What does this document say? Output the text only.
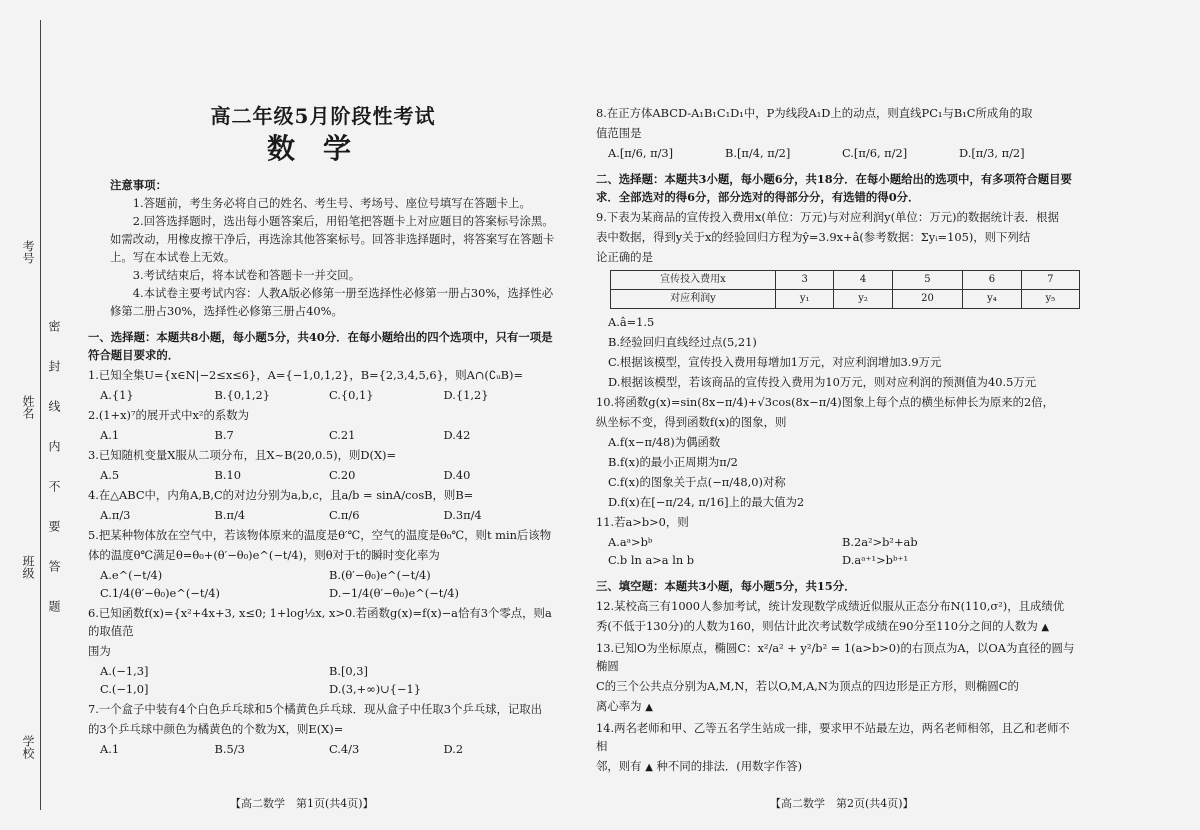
考号
姓名
班级
学校
密封线内不要答题
高二年级5月阶段性考试
数学
注意事项：

1.答题前，考生务必将自己的姓名、考生号、考场号、座位号填写在答题卡上。

2.回答选择题时，选出每小题答案后，用铅笔把答题卡上对应题目的答案标号涂黑。如需改动，用橡皮擦干净后，再选涂其他答案标号。回答非选择题时，将答案写在答题卡上。写在本试卷上无效。

3.考试结束后，将本试卷和答题卡一并交回。

4.本试卷主要考试内容：人教A版必修第一册至选择性必修第一册占30%，选择性必修第二册占30%，选择性必修第三册占40%。

一、选择题：本题共8小题，每小题5分，共40分．在每小题给出的四个选项中，只有一项是符合题目要求的．
1.已知全集U={x∈N|−2≤x≤6}，A={−1,0,1,2}，B={2,3,4,5,6}，则A∩(∁ᵤB)=
A.{1}	B.{0,1,2}	C.{0,1}	D.{1,2}
2.(1+x)⁷的展开式中x²的系数为
A.1	B.7	C.21	D.42
3.已知随机变量X服从二项分布，且X~B(20,0.5)，则D(X)=
A.5	B.10	C.20	D.40
4.在△ABC中，内角A,B,C的对边分别为a,b,c，且a/b = sinA/cosB，则B=
A.π/3	B.π/4	C.π/6	D.3π/4
5.把某种物体放在空气中，若该物体原来的温度是θ′℃，空气的温度是θ₀℃，则t min后该物
体的温度θ℃满足θ=θ₀+(θ′−θ₀)e^(−t/4)，则θ对于t的瞬时变化率为
A.e^(−t/4)	B.(θ′−θ₀)e^(−t/4)
C.1/4(θ′−θ₀)e^(−t/4)	D.−1/4(θ′−θ₀)e^(−t/4)
6.已知函数f(x)={x²+4x+3, x≤0; 1+log½x, x>0.若函数g(x)=f(x)−a恰有3个零点，则a的取值范
围为
A.(−1,3]	B.[0,3]
C.(−1,0]	D.(3,+∞)∪{−1}
7.一个盒子中装有4个白色乒乓球和5个橘黄色乒乓球．现从盒子中任取3个乒乓球，记取出
的3个乒乓球中颜色为橘黄色的个数为X，则E(X)=
A.1	B.5/3	C.4/3	D.2
【高二数学　第1页(共4页)】
8.在正方体ABCD-A₁B₁C₁D₁中，P为线段A₁D上的动点，则直线PC₁与B₁C所成角的取
值范围是
A.[π/6, π/3]	B.[π/4, π/2]	C.[π/6, π/2]	D.[π/3, π/2]
二、选择题：本题共3小题，每小题6分，共18分．在每小题给出的选项中，有多项符合题目要求．全部选对的得6分，部分选对的得部分分，有选错的得0分．
9.下表为某商品的宣传投入费用x(单位：万元)与对应利润y(单位：万元)的数据统计表．根据
表中数据，得到y关于x的经验回归方程为ŷ=3.9x+â(参考数据：Σyᵢ=105)，则下列结
论正确的是
宣传投入费用x	3	4	5	6	7
对应利润y	y₁	y₂	20	y₄	y₅
A.â=1.5
B.经验回归直线经过点(5,21)
C.根据该模型，宣传投入费用每增加1万元，对应利润增加3.9万元
D.根据该模型，若该商品的宣传投入费用为10万元，则对应利润的预测值为40.5万元
10.将函数g(x)=sin(8x−π/4)+√3cos(8x−π/4)图象上每个点的横坐标伸长为原来的2倍，
纵坐标不变，得到函数f(x)的图象，则
A.f(x−π/48)为偶函数
B.f(x)的最小正周期为π/2
C.f(x)的图象关于点(−π/48,0)对称
D.f(x)在[−π/24, π/16]上的最大值为2
11.若a>b>0，则
A.aᵃ>bᵇ	B.2a²>b²+ab
C.b ln a>a ln b	D.aᵃ⁺¹>bᵇ⁺¹
三、填空题：本题共3小题，每小题5分，共15分．
12.某校高三有1000人参加考试，统计发现数学成绩近似服从正态分布N(110,σ²)，且成绩优
秀(不低于130分)的人数为160，则估计此次考试数学成绩在90分至110分之间的人数为 ▲
13.已知O为坐标原点，椭圆C：x²/a² + y²/b² = 1(a>b>0)的右顶点为A，以OA为直径的圆与椭圆
C的三个公共点分别为A,M,N，若以O,M,A,N为顶点的四边形是正方形，则椭圆C的
离心率为 ▲
14.两名老师和甲、乙等五名学生站成一排，要求甲不站最左边，两名老师相邻，且乙和老师不相
邻，则有 ▲ 种不同的排法．(用数字作答)
【高二数学　第2页(共4页)】
